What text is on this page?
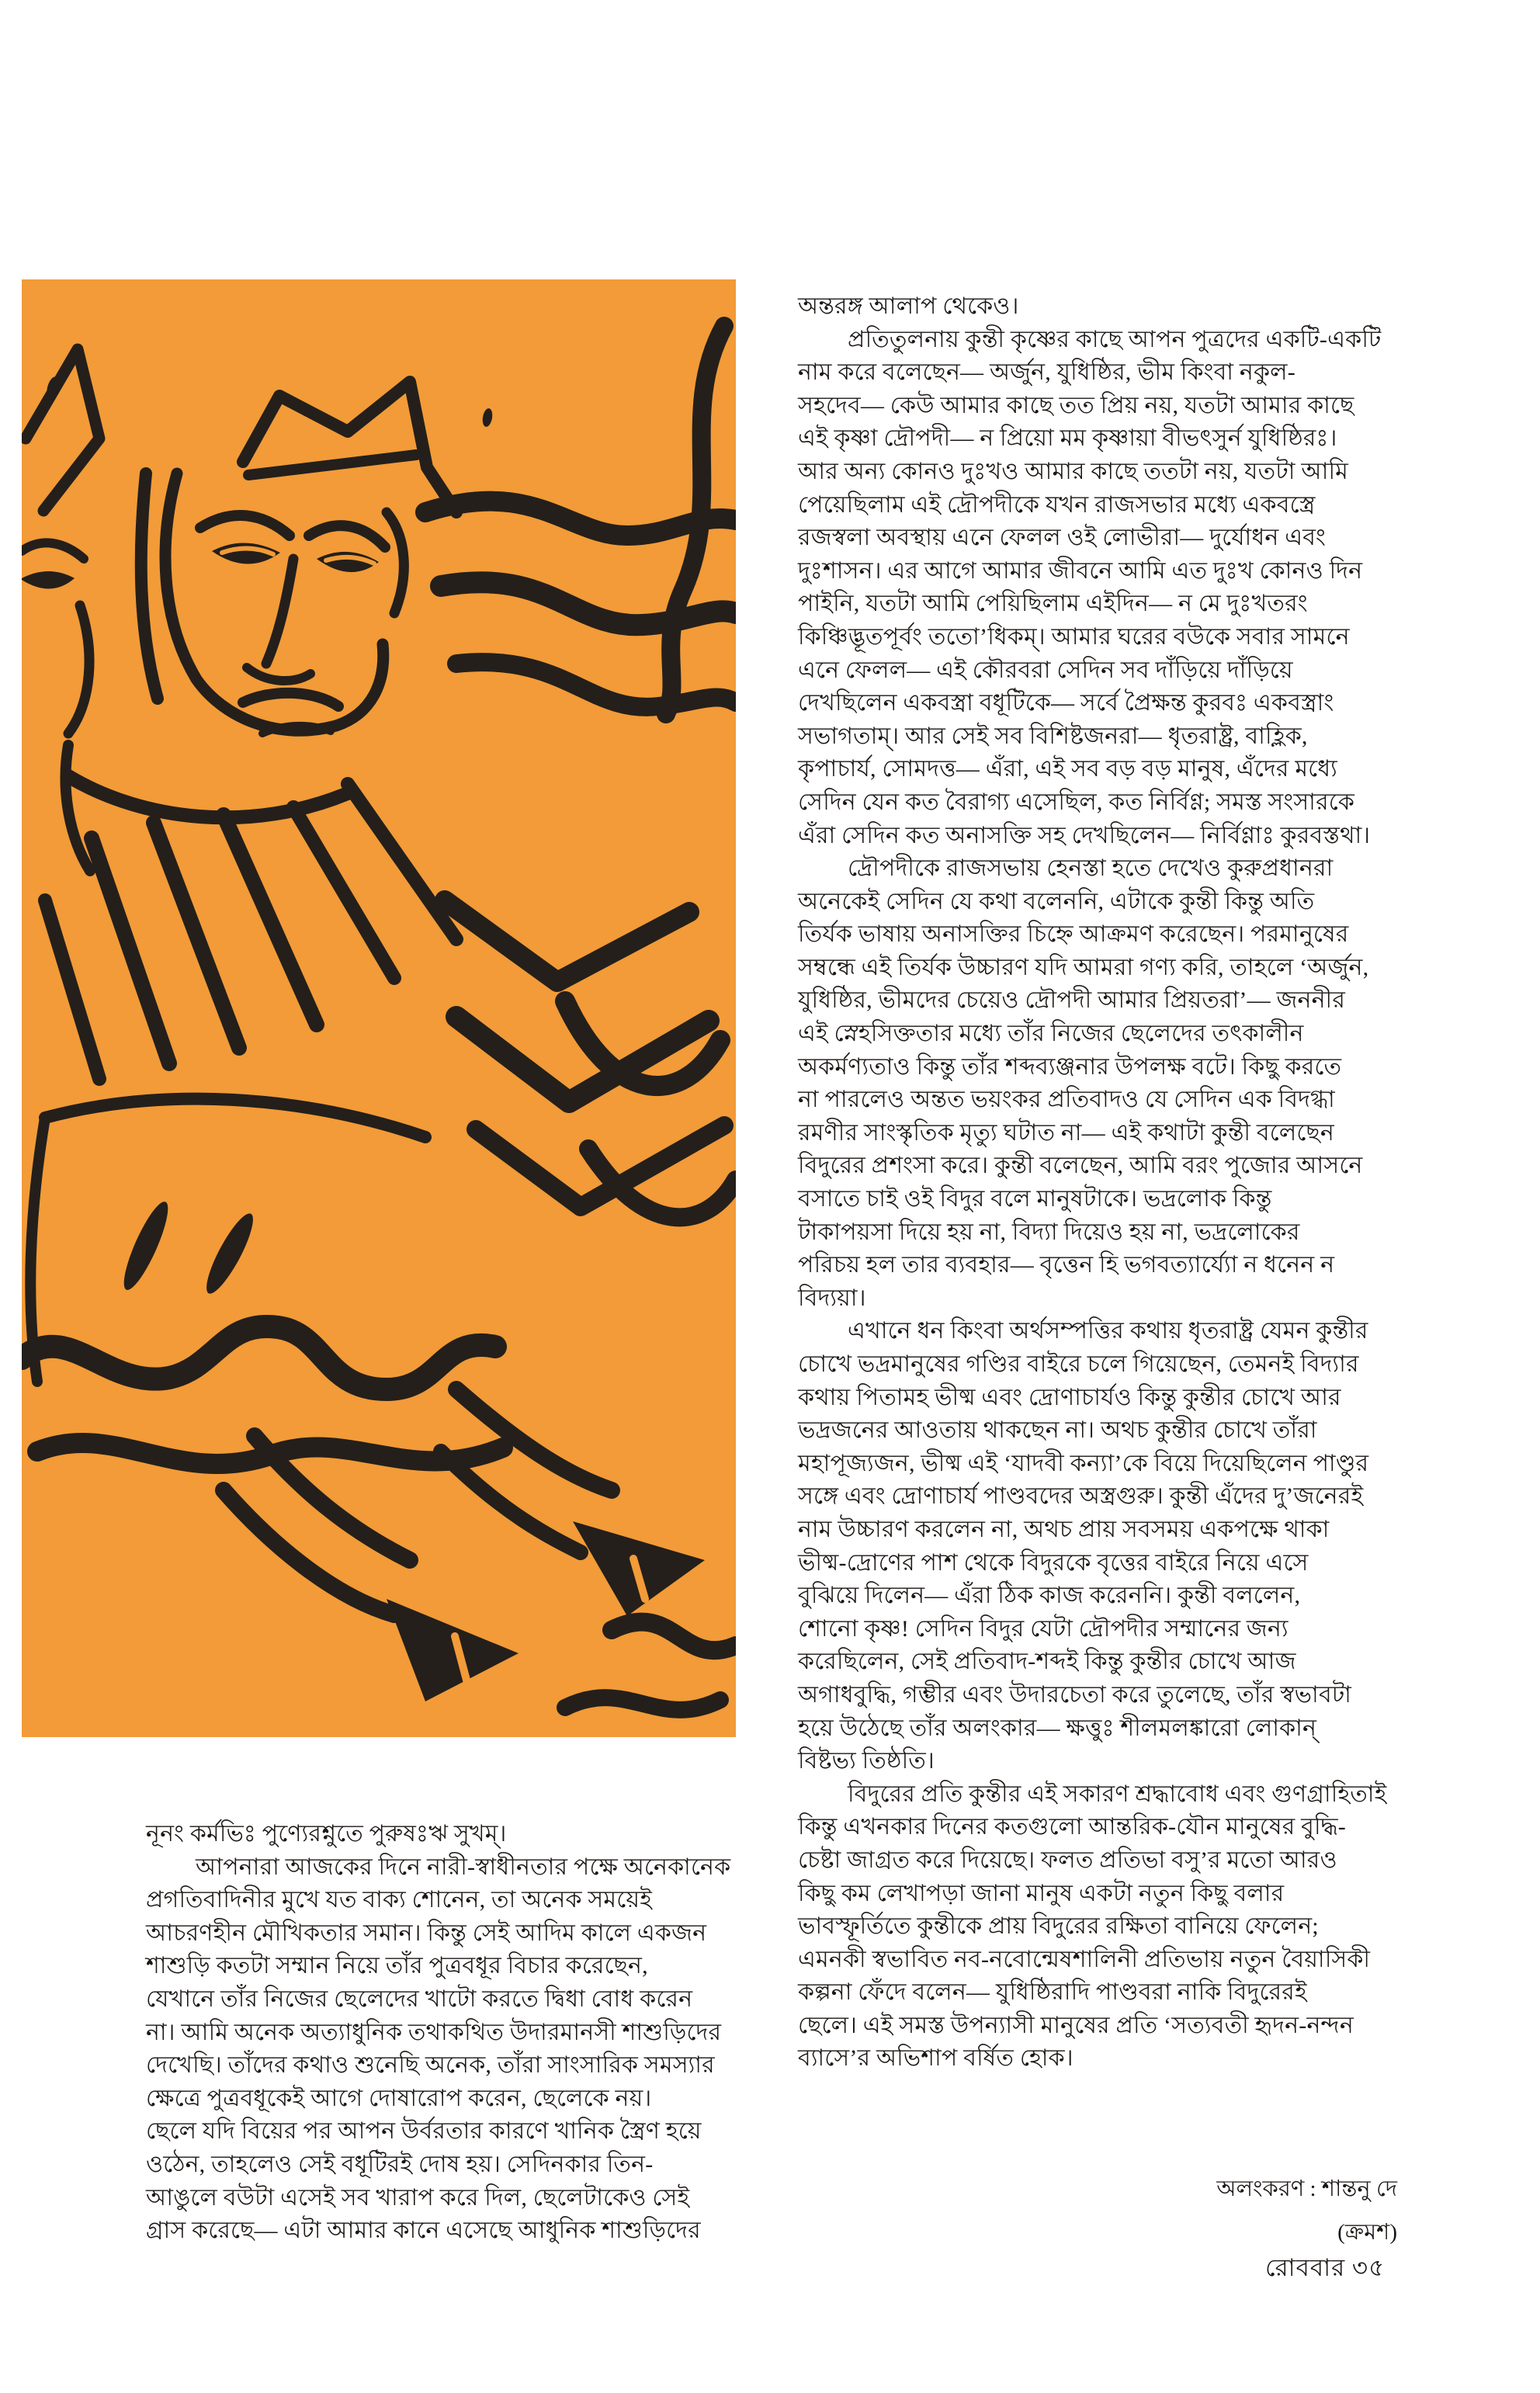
অন্তরঙ্গ আলাপ থেকেও।
প্রতিতুলনায় কুন্তী কৃষ্ণের কাছে আপন পুত্রদের একটি-একটি
নাম করে বলেছেন— অর্জুন, যুধিষ্ঠির, ভীম কিংবা নকুল-
সহদেব— কেউ আমার কাছে তত প্রিয় নয়, যতটা আমার কাছে
এই কৃষ্ণা দ্রৌপদী— ন প্রিয়ো মম কৃষ্ণায়া বীভৎসুর্ন যুধিষ্ঠিরঃ।
আর অন্য কোনও দুঃখও আমার কাছে ততটা নয়, যতটা আমি
পেয়েছিলাম এই দ্রৌপদীকে যখন রাজসভার মধ্যে একবস্ত্রে
রজস্বলা অবস্থায় এনে ফেলল ওই লোভীরা— দুর্যোধন এবং
দুঃশাসন। এর আগে আমার জীবনে আমি এত দুঃখ কোনও দিন
পাইনি, যতটা আমি পেয়িছিলাম এইদিন— ন মে দুঃখতরং
কিঞ্চিদ্ভূতপূর্বং ততো’ধিকম্। আমার ঘরের বউকে সবার সামনে
এনে ফেলল— এই কৌরবরা সেদিন সব দাঁড়িয়ে দাঁড়িয়ে
দেখছিলেন একবস্ত্রা বধূটিকে— সর্বে প্রৈক্ষন্ত কুরবঃ একবস্ত্রাং
সভাগতাম্। আর সেই সব বিশিষ্টজনরা— ধৃতরাষ্ট্র, বাহ্লিক,
কৃপাচার্য, সোমদত্ত— এঁরা, এই সব বড় বড় মানুষ, এঁদের মধ্যে
সেদিন যেন কত বৈরাগ্য এসেছিল, কত নির্বিণ্ণ; সমস্ত সংসারকে
এঁরা সেদিন কত অনাসক্তি সহ দেখছিলেন— নির্বিণ্ণাঃ কুরবস্তথা।
দ্রৌপদীকে রাজসভায় হেনস্তা হতে দেখেও কুরুপ্রধানরা
অনেকেই সেদিন যে কথা বলেননি, এটাকে কুন্তী কিন্তু অতি
তির্যক ভাষায় অনাসক্তির চিহ্নে আক্রমণ করেছেন। পরমানুষের
সম্বন্ধে এই তির্যক উচ্চারণ যদি আমরা গণ্য করি, তাহলে ‘অর্জুন,
যুধিষ্ঠির, ভীমদের চেয়েও দ্রৌপদী আমার প্রিয়তরা’— জননীর
এই স্নেহসিক্ততার মধ্যে তাঁর নিজের ছেলেদের তৎকালীন
অকর্মণ্যতাও কিন্তু তাঁর শব্দব্যঞ্জনার উপলক্ষ বটে। কিছু করতে
না পারলেও অন্তত ভয়ংকর প্রতিবাদও যে সেদিন এক বিদগ্ধা
রমণীর সাংস্কৃতিক মৃত্যু ঘটাত না— এই কথাটা কুন্তী বলেছেন
বিদুরের প্রশংসা করে। কুন্তী বলেছেন, আমি বরং পুজোর আসনে
বসাতে চাই ওই বিদুর বলে মানুষটাকে। ভদ্রলোক কিন্তু
টাকাপয়সা দিয়ে হয় না, বিদ্যা দিয়েও হয় না, ভদ্রলোকের
পরিচয় হল তার ব্যবহার— বৃত্তেন হি ভগবত্যার্য্যো ন ধনেন ন
বিদ্যয়া।
এখানে ধন কিংবা অর্থসম্পত্তির কথায় ধৃতরাষ্ট্র যেমন কুন্তীর
চোখে ভদ্রমানুষের গণ্ডির বাইরে চলে গিয়েছেন, তেমনই বিদ্যার
কথায় পিতামহ ভীষ্ম এবং দ্রোণাচার্যও কিন্তু কুন্তীর চোখে আর
ভদ্রজনের আওতায় থাকছেন না। অথচ কুন্তীর চোখে তাঁরা
মহাপূজ্যজন, ভীষ্ম এই ‘যাদবী কন্যা’কে বিয়ে দিয়েছিলেন পাণ্ডুর
সঙ্গে এবং দ্রোণাচার্য পাণ্ডবদের অস্ত্রগুরু। কুন্তী এঁদের দু’জনেরই
নাম উচ্চারণ করলেন না, অথচ প্রায় সবসময় একপক্ষে থাকা
ভীষ্ম-দ্রোণের পাশ থেকে বিদুরকে বৃত্তের বাইরে নিয়ে এসে
বুঝিয়ে দিলেন— এঁরা ঠিক কাজ করেননি। কুন্তী বললেন,
শোনো কৃষ্ণ! সেদিন বিদুর যেটা দ্রৌপদীর সম্মানের জন্য
করেছিলেন, সেই প্রতিবাদ-শব্দই কিন্তু কুন্তীর চোখে আজ
অগাধবুদ্ধি, গম্ভীর এবং উদারচেতা করে তুলেছে, তাঁর স্বভাবটা
হয়ে উঠেছে তাঁর অলংকার— ক্ষত্তুঃ শীলমলঙ্কারো লোকান্
বিষ্টভ্য তিষ্ঠতি।
বিদুরের প্রতি কুন্তীর এই সকারণ শ্রদ্ধাবোধ এবং গুণগ্রাহিতাই
কিন্তু এখনকার দিনের কতগুলো আন্তরিক-যৌন মানুষের বুদ্ধি-
চেষ্টা জাগ্রত করে দিয়েছে। ফলত প্রতিভা বসু’র মতো আরও
কিছু কম লেখাপড়া জানা মানুষ একটা নতুন কিছু বলার
ভাবস্ফূর্তিতে কুন্তীকে প্রায় বিদুরের রক্ষিতা বানিয়ে ফেলেন;
এমনকী স্বভাবিত নব-নবোন্মেষশালিনী প্রতিভায় নতুন বৈয়াসিকী
কল্পনা ফেঁদে বলেন— যুধিষ্ঠিরাদি পাণ্ডবরা নাকি বিদুরেরই
ছেলে। এই সমস্ত উপন্যাসী মানুষের প্রতি ‘সত্যবতী হৃদন-নন্দন
ব্যাসে’র অভিশাপ বর্ষিত হোক।
নূনং কর্মভিঃ পুণ্যেরশ্নুতে পুরুষঃঋ সুখম্।
আপনারা আজকের দিনে নারী-স্বাধীনতার পক্ষে অনেকানেক
প্রগতিবাদিনীর মুখে যত বাক্য শোনেন, তা অনেক সময়েই
আচরণহীন মৌখিকতার সমান। কিন্তু সেই আদিম কালে একজন
শাশুড়ি কতটা সম্মান নিয়ে তাঁর পুত্রবধূর বিচার করেছেন,
যেখানে তাঁর নিজের ছেলেদের খাটো করতে দ্বিধা বোধ করেন
না। আমি অনেক অত্যাধুনিক তথাকথিত উদারমানসী শাশুড়িদের
দেখেছি। তাঁদের কথাও শুনেছি অনেক, তাঁরা সাংসারিক সমস্যার
ক্ষেত্রে পুত্রবধূকেই আগে দোষারোপ করেন, ছেলেকে নয়।
ছেলে যদি বিয়ের পর আপন উর্বরতার কারণে খানিক স্ত্রৈণ হয়ে
ওঠেন, তাহলেও সেই বধূটিরই দোষ হয়। সেদিনকার তিন-
আঙুলে বউটা এসেই সব খারাপ করে দিল, ছেলেটাকেও সেই
গ্রাস করেছে— এটা আমার কানে এসেছে আধুনিক শাশুড়িদের
অলংকরণ : শান্তনু দে
(ক্রমশ)
রোববার ৩৫
